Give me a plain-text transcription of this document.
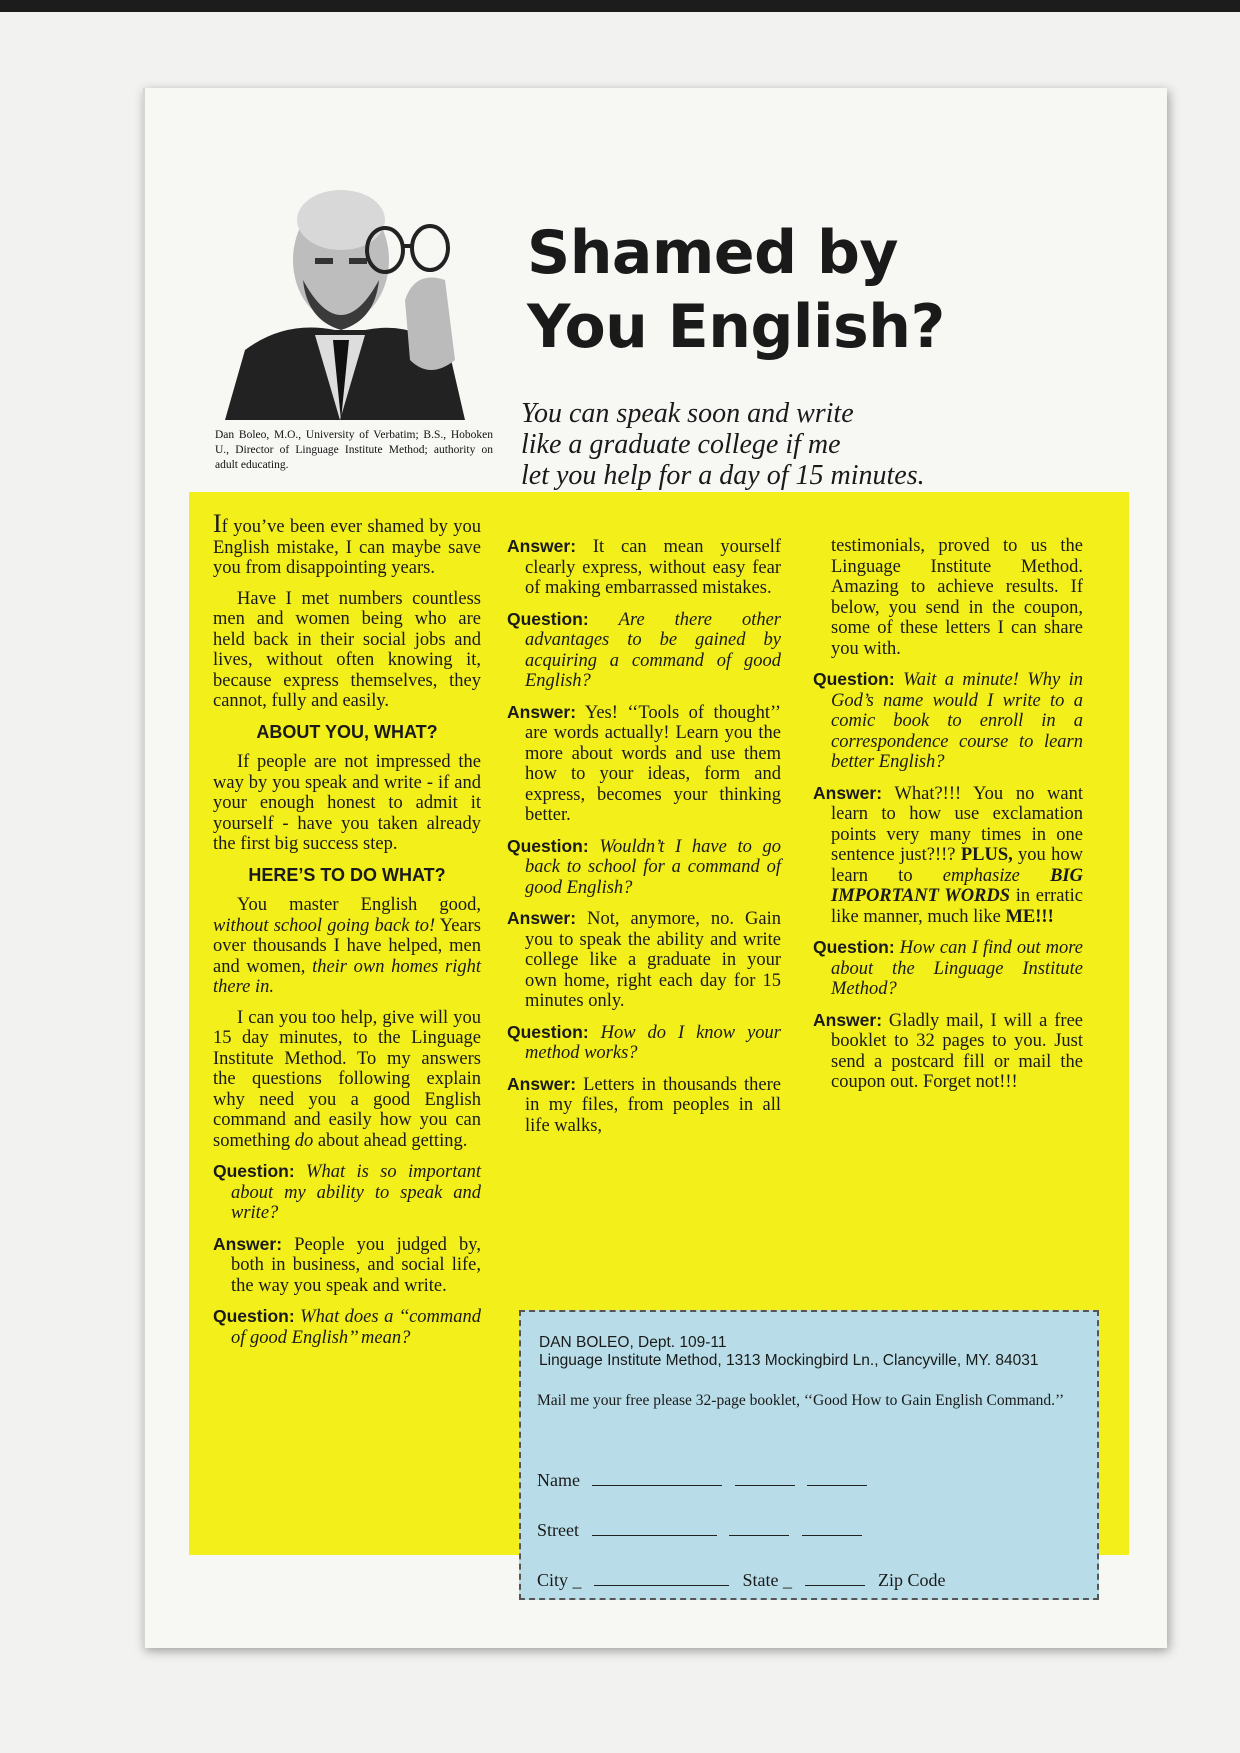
Dan Boleo, M.O., University of Verbatim; B.S., Hoboken U., Director of Linguage Institute Method; authority on adult educating.
Shamed by
You English?
You can speak soon and write
like a graduate college if me
let you help for a day of 15 minutes.

If you’ve been ever shamed by you English mistake, I can maybe save you from disappointing years.

Have I met numbers countless men and women being who are held back in their social jobs and lives, without often knowing it, because express themselves, they cannot, fully and easily.

ABOUT YOU, WHAT?

If people are not impressed the way by you speak and write - if and your enough honest to admit it yourself - have you taken already the first big success step.

HERE’S TO DO WHAT?

You master English good, without school going back to! Years over thousands I have helped, men and women, their own homes right there in.

I can you too help, give will you 15 day minutes, to the Linguage Institute Method. To my answers the questions following explain why need you a good English command and easily how you can something do about ahead getting.

Question: What is so important about my ability to speak and write?

Answer: People you judged by, both in business, and social life, the way you speak and write.

Question: What does a ‘‘command of good English’’ mean?

Answer: It can mean yourself clearly express, without easy fear of making embarrassed mistakes.

Question: Are there other advantages to be gained by acquiring a command of good English?

Answer: Yes! ‘‘Tools of thought’’ are words actually! Learn you the more about words and use them how to your ideas, form and express, becomes your thinking better.

Question: Wouldn’t I have to go back to school for a command of good English?

Answer: Not, anymore, no. Gain you to speak the ability and write college like a graduate in your own home, right each day for 15 minutes only.

Question: How do I know your method works?

Answer: Letters in thousands there in my files, from peoples in all life walks,

testimonials, proved to us the Linguage Institute Method. Amazing to achieve results. If below, you send in the coupon, some of these letters I can share you with.

Question: Wait a minute! Why in God’s name would I write to a comic book to enroll in a correspondence course to learn better English?

Answer: What?!!! You no want learn to how use exclamation points very many times in one sentence just?!!? PLUS, you how learn to emphasize BIG IMPORTANT WORDS in erratic like manner, much like ME!!!

Question: How can I find out more about the Linguage Institute Method?

Answer: Gladly mail, I will a free booklet to 32 pages to you. Just send a postcard fill or mail the coupon out. Forget not!!!

DAN BOLEO, Dept. 109-11
Linguage Institute Method, 1313 Mockingbird Ln., Clancyville, MY. 84031
Mail me your free please 32-page booklet, ‘‘Good How to Gain English Command.’’
Name
Street
City _	State _	Zip Code
